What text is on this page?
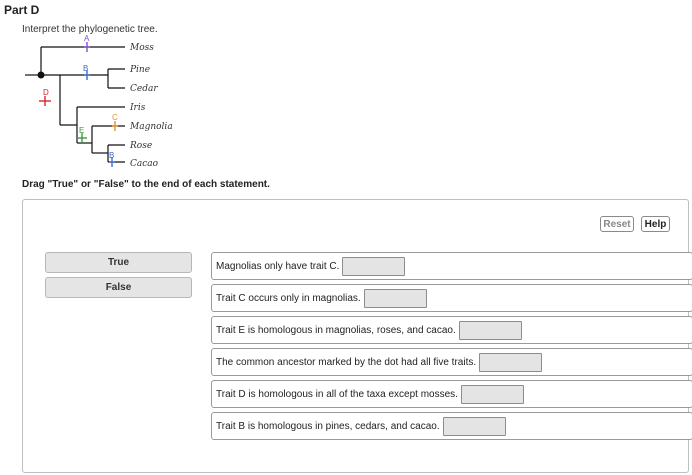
Part D
Interpret the phylogenetic tree.
A
B
D
C
E
B
Moss
Pine
Cedar
Iris
Magnolia
Rose
Cacao
Drag "True" or "False" to the end of each statement.
Reset	Help
True
False
Magnolias only have trait C.
Trait C occurs only in magnolias.
Trait E is homologous in magnolias, roses, and cacao.
The common ancestor marked by the dot had all five traits.
Trait D is homologous in all of the taxa except mosses.
Trait B is homologous in pines, cedars, and cacao.
